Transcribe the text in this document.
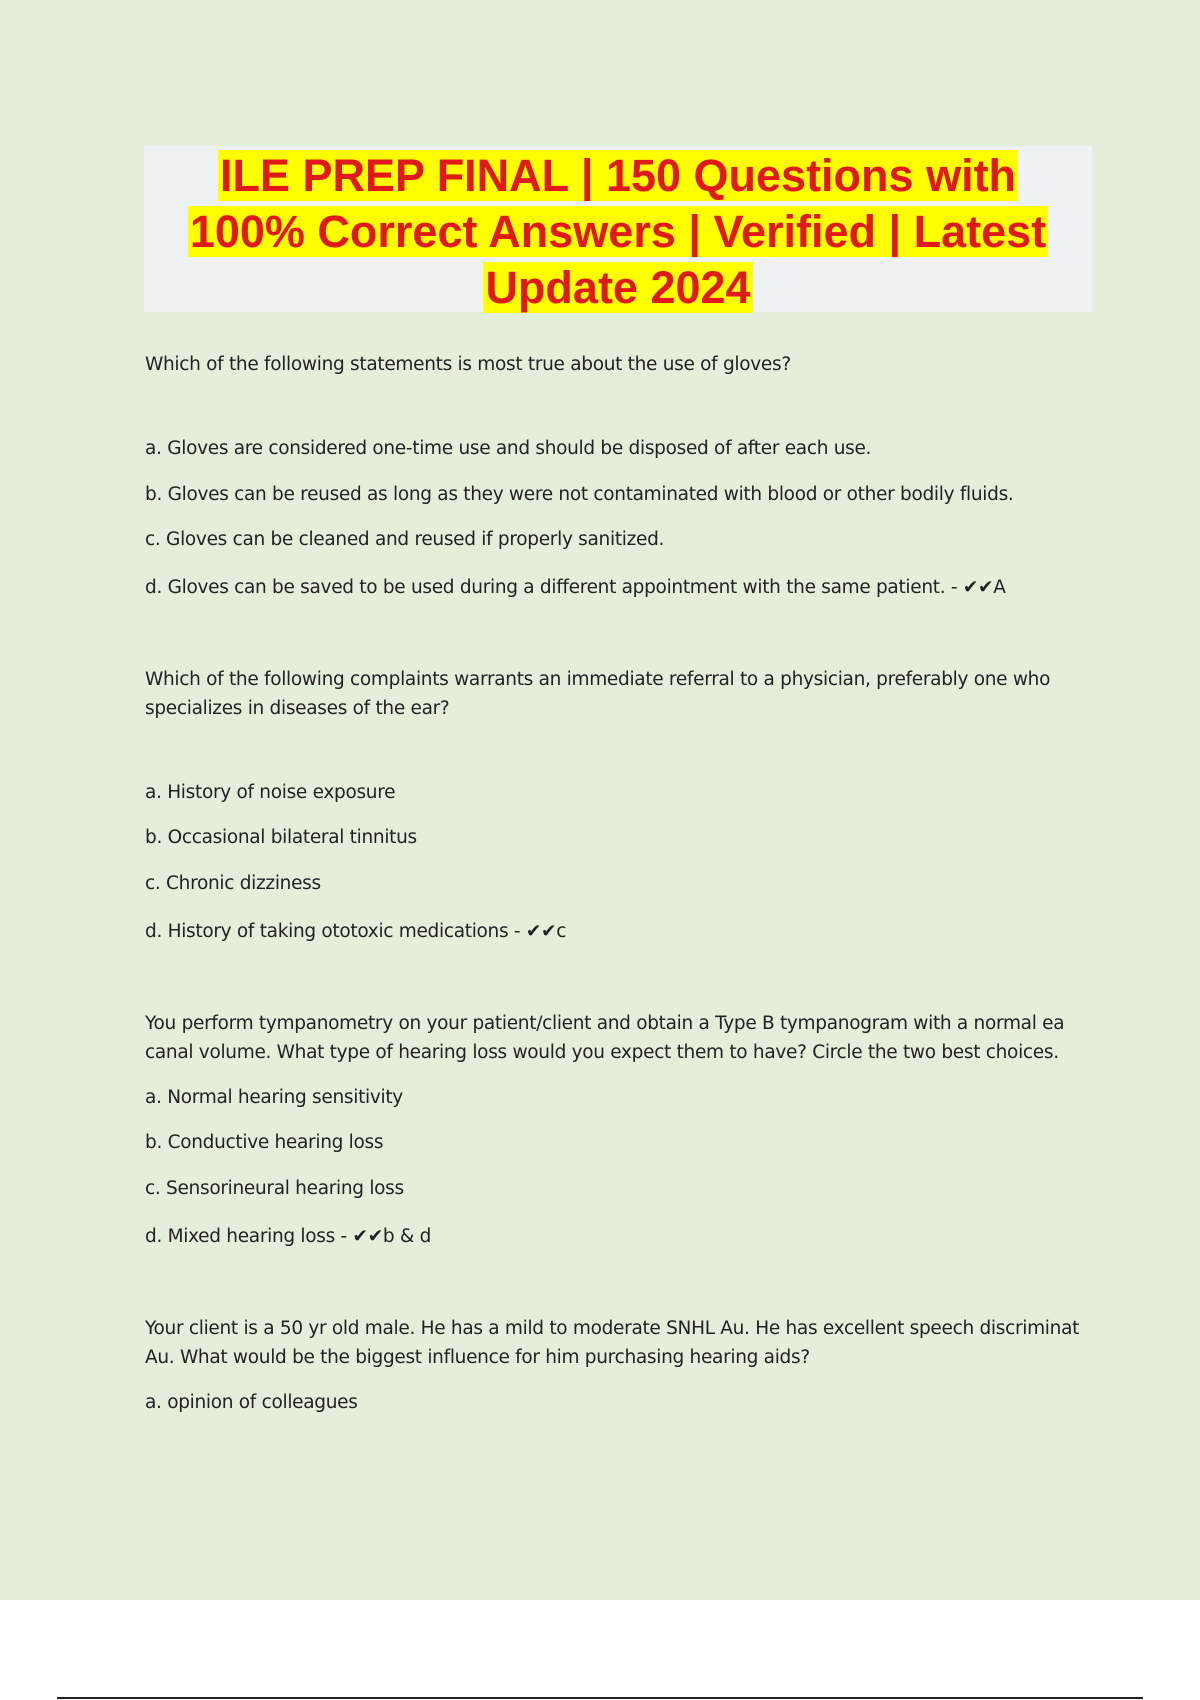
ILE PREP FINAL | 150 Questions with
100% Correct Answers | Verified | Latest
Update 2024

Which of the following statements is most true about the use of gloves?

a. Gloves are considered one-time use and should be disposed of after each use.

b. Gloves can be reused as long as they were not contaminated with blood or other bodily fluids.

c. Gloves can be cleaned and reused if properly sanitized.

d. Gloves can be saved to be used during a different appointment with the same patient. - ✔✔A

Which of the following complaints warrants an immediate referral to a physician, preferably one who

specializes in diseases of the ear?

a. History of noise exposure

b. Occasional bilateral tinnitus

c. Chronic dizziness

d. History of taking ototoxic medications - ✔✔c

You perform tympanometry on your patient/client and obtain a Type B tympanogram with a normal ea

canal volume. What type of hearing loss would you expect them to have? Circle the two best choices.

a. Normal hearing sensitivity

b. Conductive hearing loss

c. Sensorineural hearing loss

d. Mixed hearing loss - ✔✔b & d

Your client is a 50 yr old male. He has a mild to moderate SNHL Au. He has excellent speech discriminat

Au. What would be the biggest influence for him purchasing hearing aids?

a. opinion of colleagues
